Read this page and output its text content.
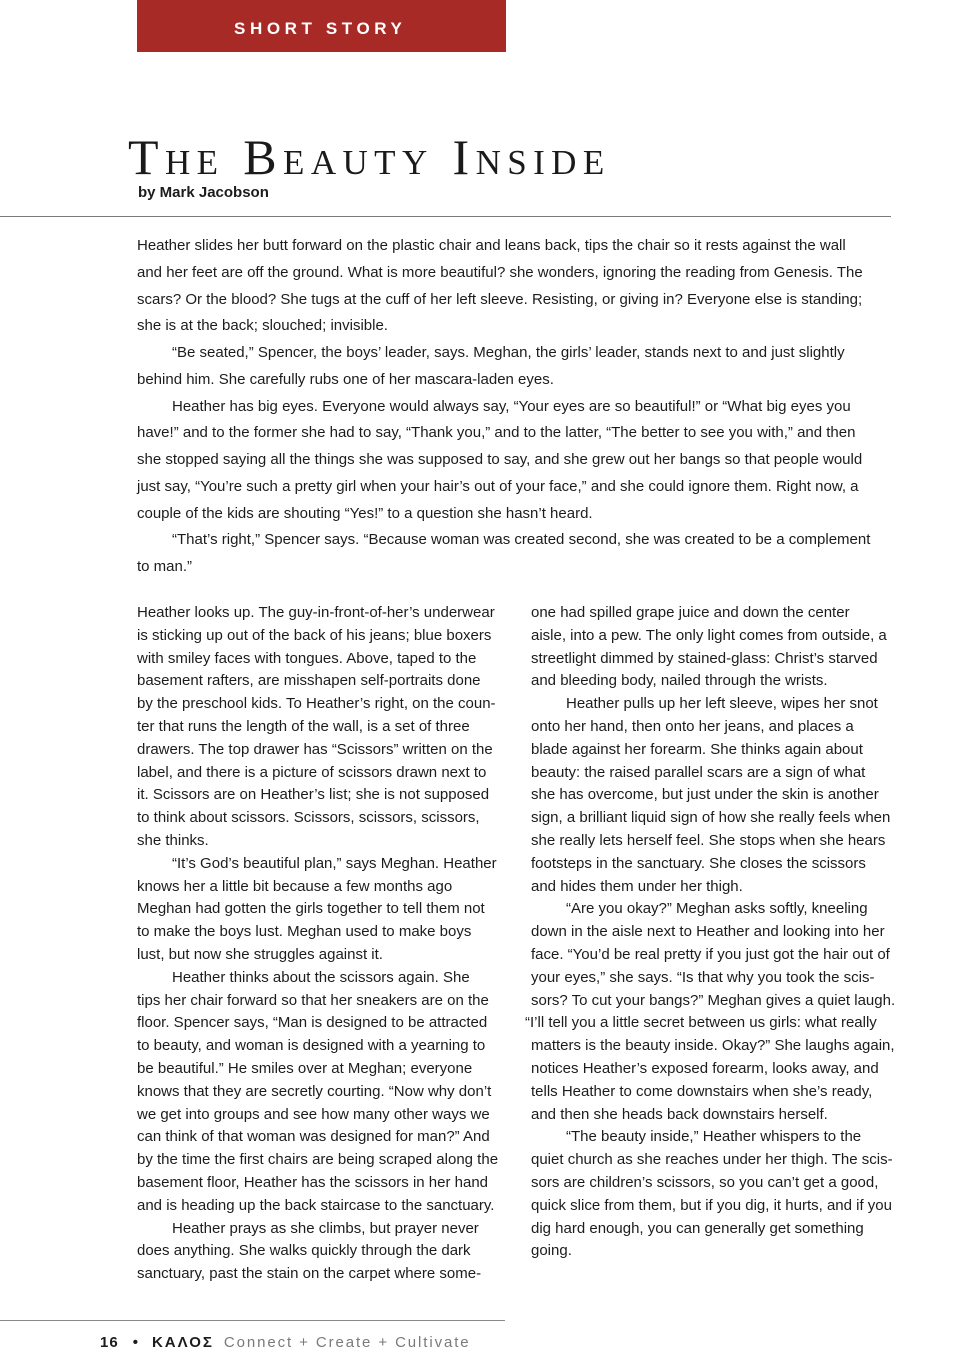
SHORT STORY
The Beauty Inside
by Mark Jacobson
Heather slides her butt forward on the plastic chair and leans back, tips the chair so it rests against the wall
and her feet are off the ground. What is more beautiful? she wonders, ignoring the reading from Genesis. The
scars? Or the blood? She tugs at the cuff of her left sleeve. Resisting, or giving in? Everyone else is standing;
she is at the back; slouched; invisible.
“Be seated,” Spencer, the boys’ leader, says. Meghan, the girls’ leader, stands next to and just slightly
behind him. She carefully rubs one of her mascara-laden eyes.
Heather has big eyes. Everyone would always say, “Your eyes are so beautiful!” or “What big eyes you
have!” and to the former she had to say, “Thank you,” and to the latter, “The better to see you with,” and then
she stopped saying all the things she was supposed to say, and she grew out her bangs so that people would
just say, “You’re such a pretty girl when your hair’s out of your face,” and she could ignore them. Right now, a
couple of the kids are shouting “Yes!” to a question she hasn’t heard.
“That’s right,” Spencer says. “Because woman was created second, she was created to be a complement
to man.”
Heather looks up. The guy-in-front-of-her’s underwear
is sticking up out of the back of his jeans; blue boxers
with smiley faces with tongues. Above, taped to the
basement rafters, are misshapen self-portraits done
by the preschool kids. To Heather’s right, on the coun-
ter that runs the length of the wall, is a set of three
drawers. The top drawer has “Scissors” written on the
label, and there is a picture of scissors drawn next to
it. Scissors are on Heather’s list; she is not supposed
to think about scissors. Scissors, scissors, scissors,
she thinks.
“It’s God’s beautiful plan,” says Meghan. Heather
knows her a little bit because a few months ago
Meghan had gotten the girls together to tell them not
to make the boys lust. Meghan used to make boys
lust, but now she struggles against it.
Heather thinks about the scissors again. She
tips her chair forward so that her sneakers are on the
floor. Spencer says, “Man is designed to be attracted
to beauty, and woman is designed with a yearning to
be beautiful.” He smiles over at Meghan; everyone
knows that they are secretly courting. “Now why don’t
we get into groups and see how many other ways we
can think of that woman was designed for man?” And
by the time the first chairs are being scraped along the
basement floor, Heather has the scissors in her hand
and is heading up the back staircase to the sanctuary.
Heather prays as she climbs, but prayer never
does anything. She walks quickly through the dark
sanctuary, past the stain on the carpet where some-
one had spilled grape juice and down the center
aisle, into a pew. The only light comes from outside, a
streetlight dimmed by stained-glass: Christ’s starved
and bleeding body, nailed through the wrists.
Heather pulls up her left sleeve, wipes her snot
onto her hand, then onto her jeans, and places a
blade against her forearm. She thinks again about
beauty: the raised parallel scars are a sign of what
she has overcome, but just under the skin is another
sign, a brilliant liquid sign of how she really feels when
she really lets herself feel. She stops when she hears
footsteps in the sanctuary. She closes the scissors
and hides them under her thigh.
“Are you okay?” Meghan asks softly, kneeling
down in the aisle next to Heather and looking into her
face. “You’d be real pretty if you just got the hair out of
your eyes,” she says. “Is that why you took the scis-
sors? To cut your bangs?” Meghan gives a quiet laugh.
“I’ll tell you a little secret between us girls: what really
matters is the beauty inside. Okay?” She laughs again,
notices Heather’s exposed forearm, looks away, and
tells Heather to come downstairs when she’s ready,
and then she heads back downstairs herself.
“The beauty inside,” Heather whispers to the
quiet church as she reaches under her thigh. The scis-
sors are children’s scissors, so you can’t get a good,
quick slice from them, but if you dig, it hurts, and if you
dig hard enough, you can generally get something
going.
16 • ΚΑΛΟΣ Connect + Create + Cultivate
